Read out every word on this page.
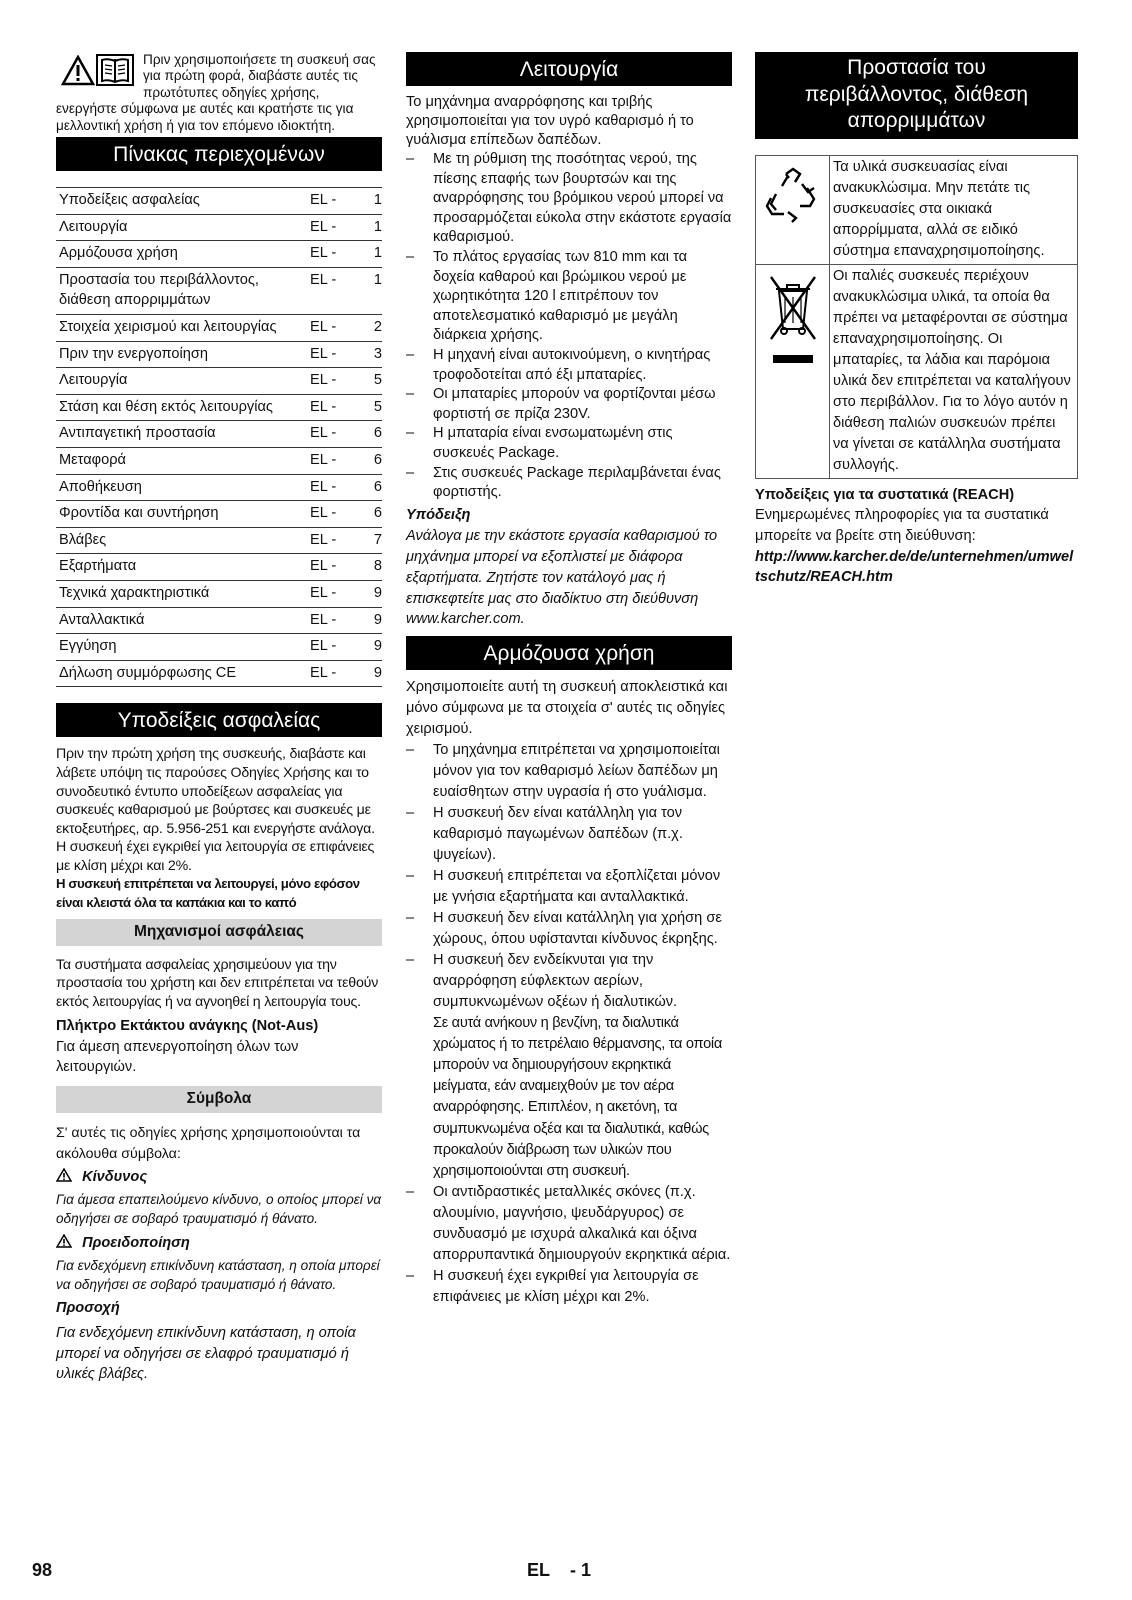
Πριν χρησιμοποιήσετε τη συσκευή σας για πρώτη φορά, διαβάστε αυτές τις πρωτότυπες οδηγίες χρήσης, ενεργήστε σύμφωνα με αυτές και κρατήστε τις για μελλοντική χρήση ή για τον επόμενο ιδιοκτήτη.

Πίνακας περιεχομένων
Υποδείξεις ασφαλείας	EL -	1
Λειτουργία	EL -	1
Αρμόζουσα χρήση	EL -	1
Προστασία του περιβάλλοντος, διάθεση απορριμμάτων	EL -	1
Στοιχεία χειρισμού και λειτουργίας	EL -	2
Πριν την ενεργοποίηση	EL -	3
Λειτουργία	EL -	5
Στάση και θέση εκτός λειτουργίας	EL -	5
Αντιπαγετική προστασία	EL -	6
Μεταφορά	EL -	6
Αποθήκευση	EL -	6
Φροντίδα και συντήρηση	EL -	6
Βλάβες	EL -	7
Εξαρτήματα	EL -	8
Τεχνικά χαρακτηριστικά	EL -	9
Ανταλλακτικά	EL -	9
Εγγύηση	EL -	9
Δήλωση συμμόρφωσης CE	EL -	9
Υποδείξεις ασφαλείας

Πριν την πρώτη χρήση της συσκευής, διαβάστε και λάβετε υπόψη τις παρούσες Οδηγίες Χρήσης και το συνοδευτικό έντυπο υποδείξεων ασφαλείας για συσκευές καθαρισμού με βούρτσες και συσκευές με εκτοξευτήρες, αρ. 5.956-251 και ενεργήστε ανάλογα.

Η συσκευή έχει εγκριθεί για λειτουργία σε επιφάνειες με κλίση μέχρι και 2%.

Η συσκευή επιτρέπεται να λειτουργεί, μόνο εφόσον είναι κλειστά όλα τα καπάκια και το καπό

Μηχανισμοί ασφάλειας

Τα συστήματα ασφαλείας χρησιμεύουν για την προστασία του χρήστη και δεν επιτρέπεται να τεθούν εκτός λειτουργίας ή να αγνοηθεί η λειτουργία τους.

Πλήκτρο Εκτάκτου ανάγκης (Not-Aus)

Για άμεση απενεργοποίηση όλων των λειτουργιών.

Σύμβολα

Σ' αυτές τις οδηγίες χρήσης χρησιμοποιούνται τα ακόλουθα σύμβολα:

Κίνδυνος

Για άμεσα επαπειλούμενο κίνδυνο, ο οποίος μπορεί να οδηγήσει σε σοβαρό τραυματισμό ή θάνατο.

Προειδοποίηση

Για ενδεχόμενη επικίνδυνη κατάσταση, η οποία μπορεί να οδηγήσει σε σοβαρό τραυματισμό ή θάνατο.

Προσοχή

Για ενδεχόμενη επικίνδυνη κατάσταση, η οποία μπορεί να οδηγήσει σε ελαφρό τραυματισμό ή υλικές βλάβες.

Λειτουργία

Το μηχάνημα αναρρόφησης και τριβής χρησιμοποιείται για τον υγρό καθαρισμό ή το γυάλισμα επίπεδων δαπέδων.

– Με τη ρύθμιση της ποσότητας νερού, της πίεσης επαφής των βουρτσών και της αναρρόφησης του βρόμικου νερού μπορεί να προσαρμόζεται εύκολα στην εκάστοτε εργασία καθαρισμού.
– Το πλάτος εργασίας των 810 mm και τα δοχεία καθαρού και βρώμικου νερού με χωρητικότητα 120 l επιτρέπουν τον αποτελεσματικό καθαρισμό με μεγάλη διάρκεια χρήσης.
– Η μηχανή είναι αυτοκινούμενη, ο κινητήρας τροφοδοτείται από έξι μπαταρίες.
– Οι μπαταρίες μπορούν να φορτίζονται μέσω φορτιστή σε πρίζα 230V.
– Η μπαταρία είναι ενσωματωμένη στις συσκευές Package.
– Στις συσκευές Package περιλαμβάνεται ένας φορτιστής.

Υπόδειξη

Ανάλογα με την εκάστοτε εργασία καθαρισμού το μηχάνημα μπορεί να εξοπλιστεί με διάφορα εξαρτήματα. Ζητήστε τον κατάλογό μας ή επισκεφτείτε μας στο διαδίκτυο στη διεύθυνση www.karcher.com.

Αρμόζουσα χρήση

Χρησιμοποιείτε αυτή τη συσκευή αποκλειστικά και μόνο σύμφωνα με τα στοιχεία σ' αυτές τις οδηγίες χειρισμού.

– Το μηχάνημα επιτρέπεται να χρησιμοποιείται μόνον για τον καθαρισμό λείων δαπέδων μη ευαίσθητων στην υγρασία ή στο γυάλισμα.
– Η συσκευή δεν είναι κατάλληλη για τον καθαρισμό παγωμένων δαπέδων (π.χ. ψυγείων).
– Η συσκευή επιτρέπεται να εξοπλίζεται μόνον με γνήσια εξαρτήματα και ανταλλακτικά.
– Η συσκευή δεν είναι κατάλληλη για χρήση σε χώρους, όπου υφίστανται κίνδυνος έκρηξης.
– Η συσκευή δεν ενδείκνυται για την αναρρόφηση εύφλεκτων αερίων, συμπυκνωμένων οξέων ή διαλυτικών.

Σε αυτά ανήκουν η βενζίνη, τα διαλυτικά χρώματος ή το πετρέλαιο θέρμανσης, τα οποία μπορούν να δημιουργήσουν εκρηκτικά μείγματα, εάν αναμειχθούν με τον αέρα αναρρόφησης. Επιπλέον, η ακετόνη, τα συμπυκνωμένα οξέα και τα διαλυτικά, καθώς προκαλούν διάβρωση των υλικών που χρησιμοποιούνται στη συσκευή.

– Οι αντιδραστικές μεταλλικές σκόνες (π.χ. αλουμίνιο, μαγνήσιο, ψευδάργυρος) σε συνδυασμό με ισχυρά αλκαλικά και όξινα απορρυπαντικά δημιουργούν εκρηκτικά αέρια.
– Η συσκευή έχει εγκριθεί για λειτουργία σε επιφάνειες με κλίση μέχρι και 2%.
Προστασία του περιβάλλοντος, διάθεση απορριμμάτων
	Τα υλικά συσκευασίας είναι ανακυκλώσιμα. Μην πετάτε τις συσκευασίες στα οικιακά απορρίμματα, αλλά σε ειδικό σύστημα επαναχρησιμοποίησης.
	Οι παλιές συσκευές περιέχουν ανακυκλώσιμα υλικά, τα οποία θα πρέπει να μεταφέρονται σε σύστημα επαναχρησιμοποίησης. Οι μπαταρίες, τα λάδια και παρόμοια υλικά δεν επιτρέπεται να καταλήγουν στο περιβάλλον. Για το λόγο αυτόν η διάθεση παλιών συσκευών πρέπει να γίνεται σε κατάλληλα συστήματα συλλογής.

Υποδείξεις για τα συστατικά (REACH)

Ενημερωμένες πληροφορίες για τα συστατικά μπορείτε να βρείτε στη διεύθυνση:

http://www.karcher.de/de/unternehmen/umweltschutz/REACH.htm

98	EL - 1
